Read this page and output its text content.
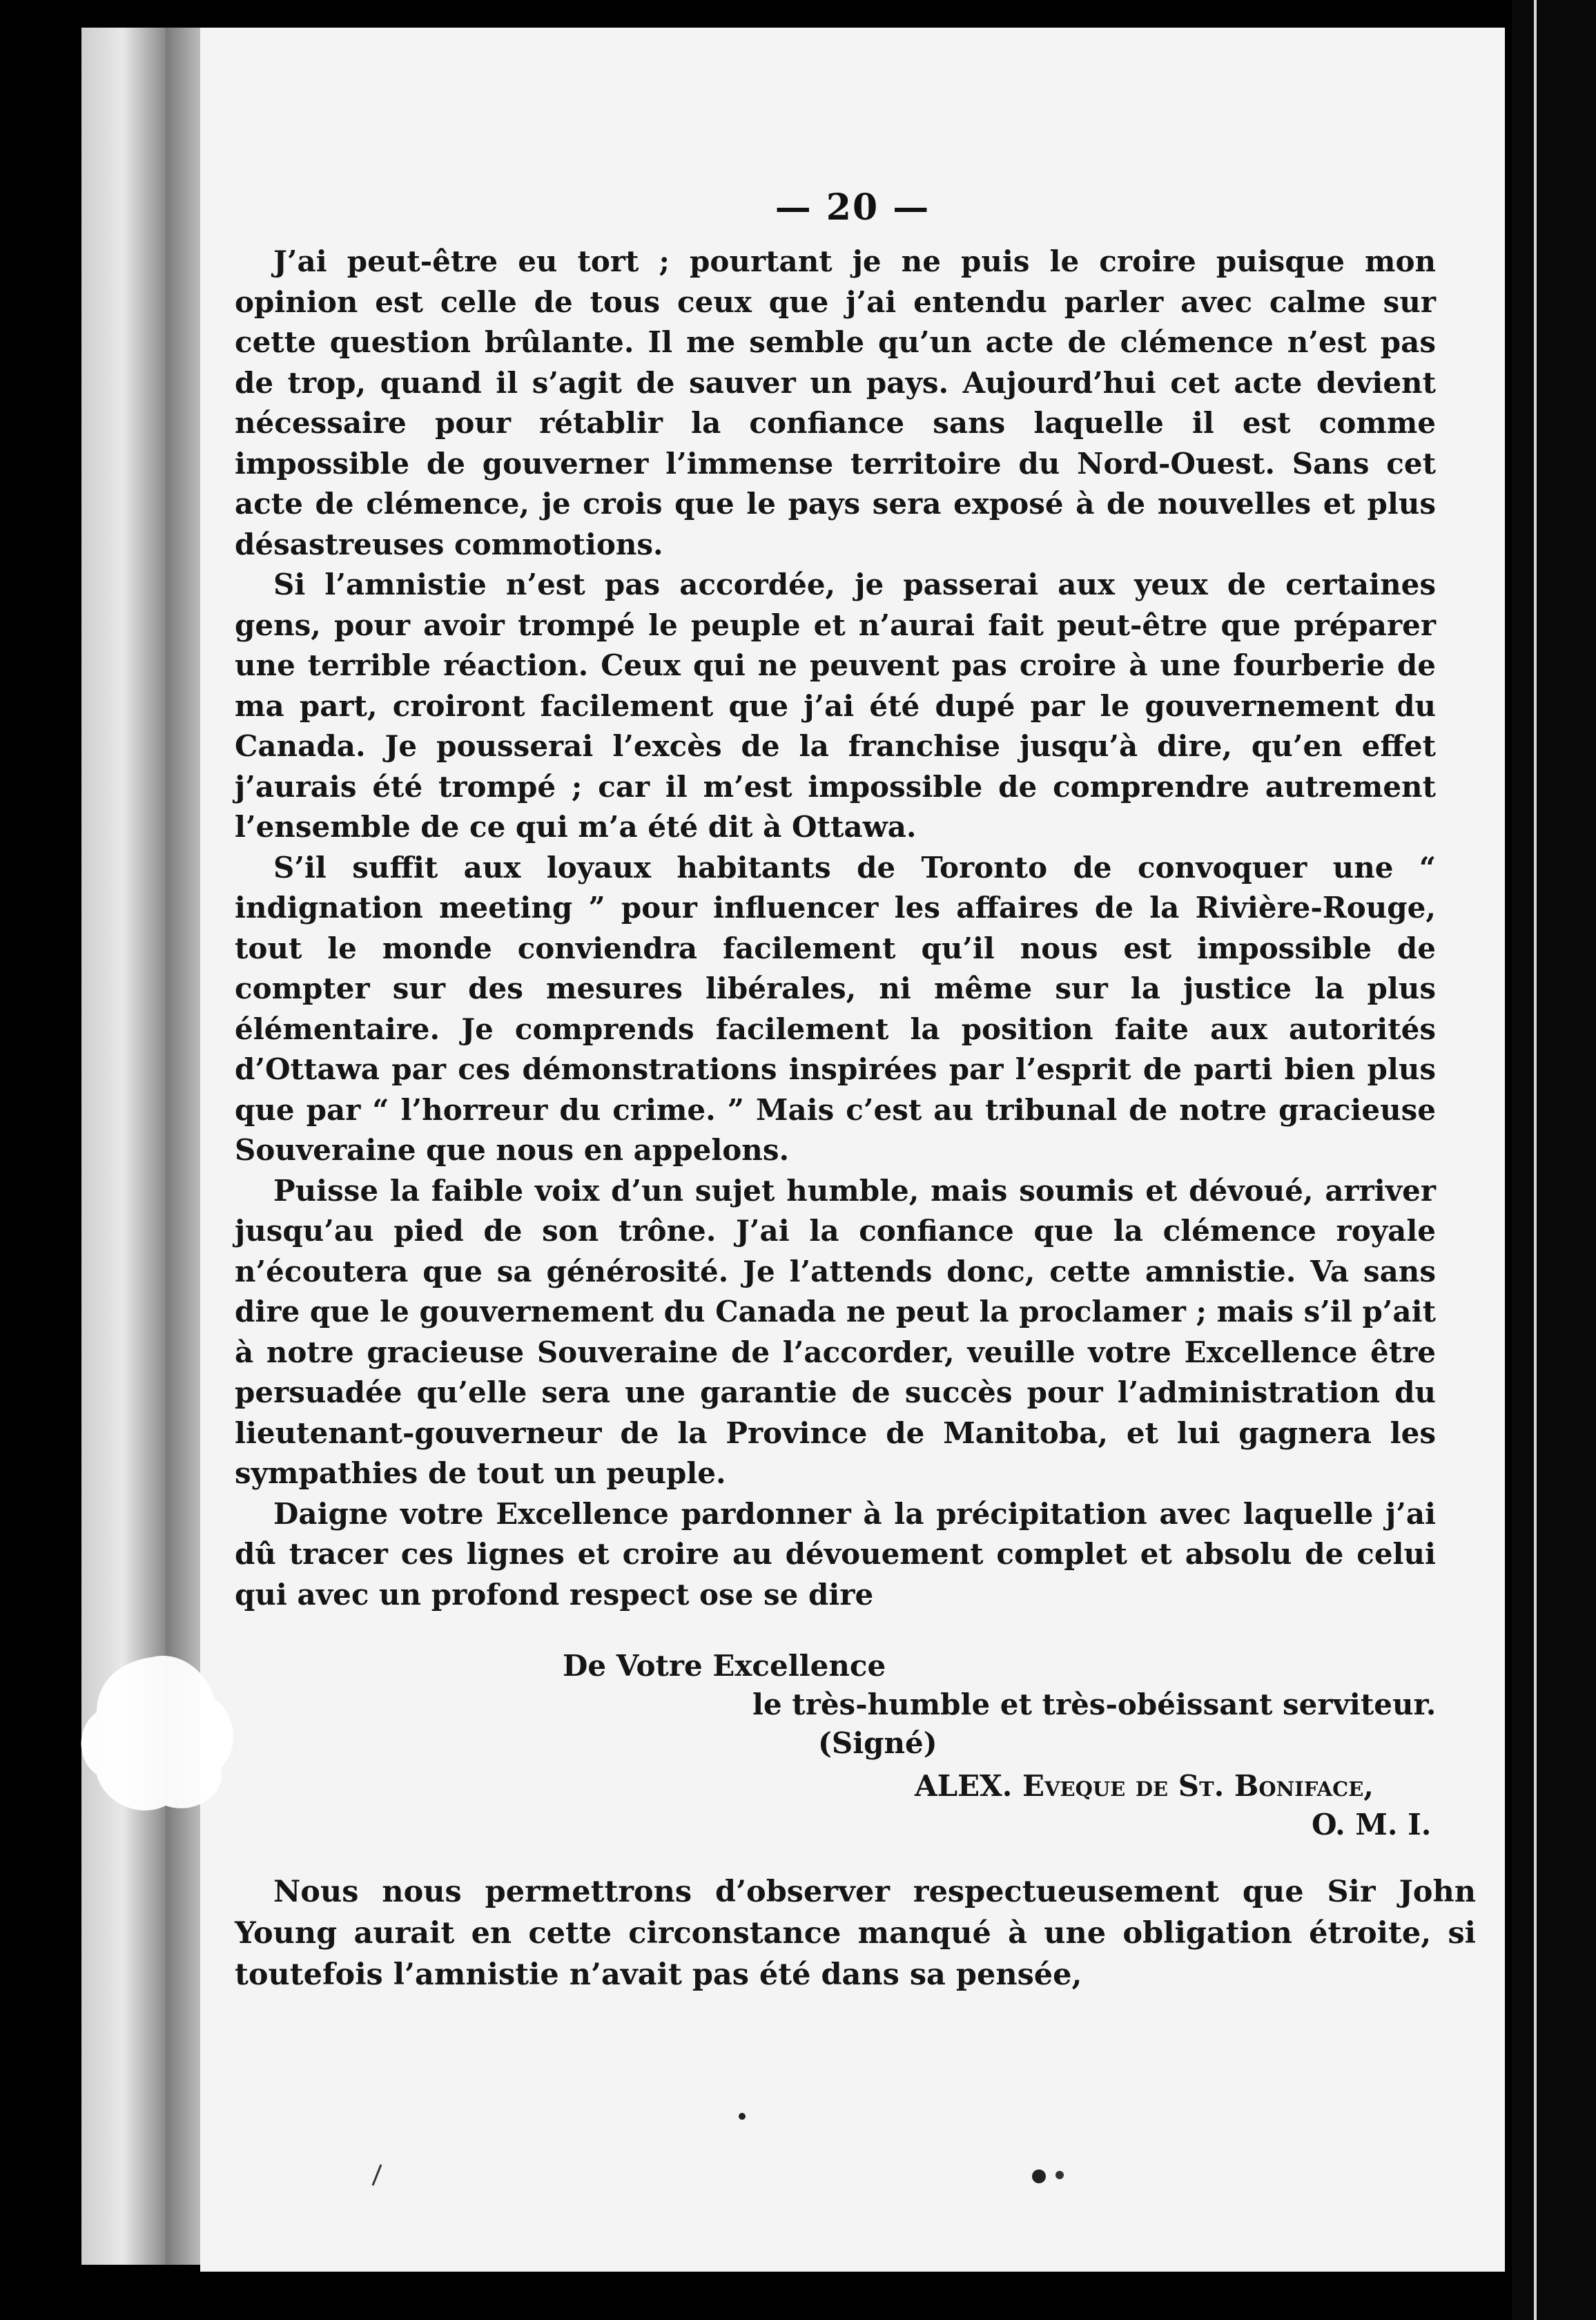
— 20 —

J’ai peut-être eu tort ; pourtant je ne puis le croire puisque mon opinion est celle de tous ceux que j’ai entendu parler avec calme sur cette question brûlante. Il me semble qu’un acte de clémence n’est pas de trop, quand il s’agit de sauver un pays. Aujourd’hui cet acte devient nécessaire pour rétablir la confiance sans laquelle il est comme impossible de gouverner l’immense territoire du Nord-Ouest. Sans cet acte de clémence, je crois que le pays sera exposé à de nouvelles et plus désastreuses commotions.

Si l’amnistie n’est pas accordée, je passerai aux yeux de certaines gens, pour avoir trompé le peuple et n’aurai fait peut-être que préparer une terrible réaction. Ceux qui ne peuvent pas croire à une fourberie de ma part, croiront facilement que j’ai été dupé par le gouvernement du Canada. Je pousserai l’excès de la franchise jusqu’à dire, qu’en effet j’aurais été trompé ; car il m’est impossible de comprendre autrement l’ensemble de ce qui m’a été dit à Ottawa.

S’il suffit aux loyaux habitants de Toronto de convoquer une “ indignation meeting ” pour influencer les affaires de la Rivière-Rouge, tout le monde conviendra facilement qu’il nous est impossible de compter sur des mesures libérales, ni même sur la justice la plus élémentaire. Je comprends facilement la position faite aux autorités d’Ottawa par ces démonstrations inspirées par l’esprit de parti bien plus que par “ l’horreur du crime. ” Mais c’est au tribunal de notre gracieuse Souveraine que nous en appelons.

Puisse la faible voix d’un sujet humble, mais soumis et dévoué, arriver jusqu’au pied de son trône. J’ai la confiance que la clémence royale n’écoutera que sa générosité. Je l’attends donc, cette amnistie. Va sans dire que le gouvernement du Canada ne peut la proclamer ; mais s’il p’ait à notre gracieuse Souveraine de l’accorder, veuille votre Excellence être persuadée qu’elle sera une garantie de succès pour l’administration du lieutenant-gouverneur de la Province de Manitoba, et lui gagnera les sympathies de tout un peuple.

Daigne votre Excellence pardonner à la précipitation avec laquelle j’ai dû tracer ces lignes et croire au dévouement complet et absolu de celui qui avec un profond respect ose se dire

De Votre Excellence
le très-humble et très-obéissant serviteur.
(Signé)
ALEX. Eveque de St. Boniface,
O. M. I.

Nous nous permettrons d’observer respectueusement que Sir John Young aurait en cette circonstance manqué à une obligation étroite, si toutefois l’amnistie n’avait pas été dans sa pensée,
